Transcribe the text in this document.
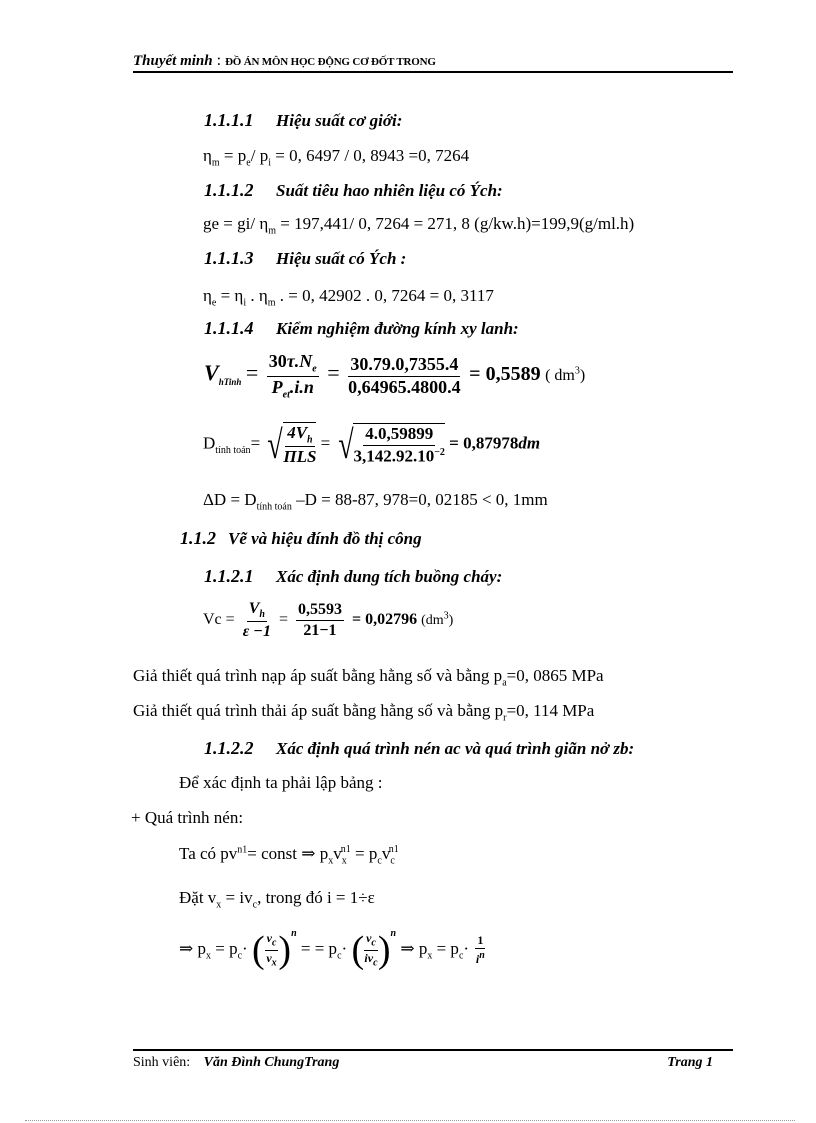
Thuyết minh : ĐỒ ÁN MÔN HỌC ĐỘNG CƠ ĐỐT TRONG
1.1.1.1 Hiệu suất cơ giới:
$\eta_m = p_e/$ $p_i = 0$, 6497 / 0, 8943 =0, 7264
1.1.1.2 Suất tiêu hao nhiên liệu có Ých:
ge = gi/ $\eta_m = 197,441/$ 0, 7264 = 271, 8 (g/kw.h)=199,9(g/ml.h)
1.1.1.3 Hiệu suất có Ých :
$\eta_e = \eta_i$ . $\eta_m$ . = 0, 42902 . 0, 7264 = 0, 3117
1.1.1.4 Kiểm nghiệm đường kính xy lanh:
$V_{hTinh} = \frac{30\tau.N_e}{P_{et}.i.n} = \frac{30.79.0,7355.4}{0,64965.4800.4} = 0,5589$ ( $dm^3$)
$D_{tính toán}=$ √ $\frac{4V_h}{\text{ΠLS}}$ = √ $\frac{4.0,59899}{3,142.92.10^{-2}} = 0,87978dm$
$\Delta D = D_{tính toán}$ –D = 88-87, 978=0, 02185 < 0, 1mm
1.1.2 Vẽ và hiệu đính đồ thị công
1.1.2.1 Xác định dung tích buồng cháy:
$Vc = \frac{V_h}{\varepsilon -1} = \frac{0,5593}{21-1} = 0,02796$ $(dm^3)$
Giả thiết quá trình nạp áp suất bằng hằng số và bằng $p_a=0$, 0865 MPa
Giả thiết quá trình thải áp suất bằng hằng số và bằng $p_r=0$, 114 MPa
1.1.2.2 Xác định quá trình nén ac và quá trình giãn nở zb:
Để xác định ta phải lập bảng :
+ Quá trình nén:
Ta có $pv^{n1}=$ const ⇒ $p_xv_x^{n1} = p_cv_c^{n1}$
Đặt $v_x = iv_c$, trong đó i = 1÷ε
⇒ $p_x = p_c\cdot$ ( $\frac{v_c}{v_x} )^n$ = = $p_c\cdot$ ( $\frac{v_c}{iv_c} )^n$ ⇒ $p_x = p_c\cdot \frac{1}{i^n}$
Sinh viên: Văn Đình ChungTrang	Trang 1
